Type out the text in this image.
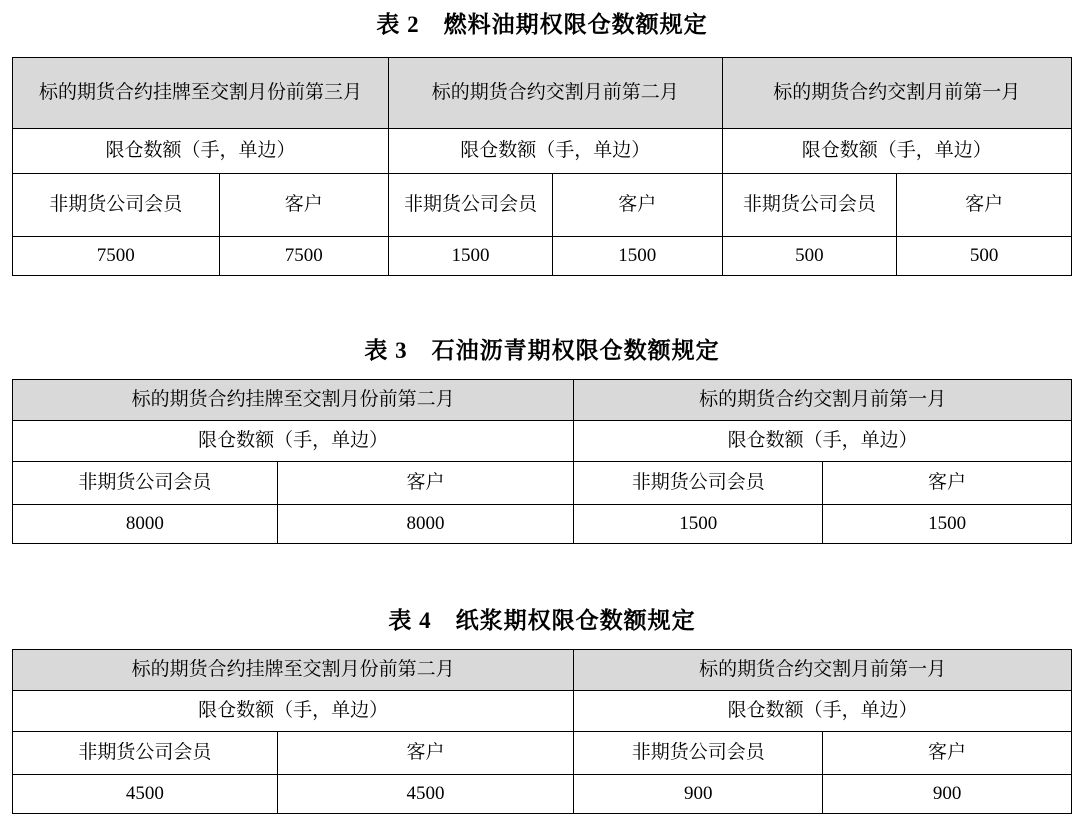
表 2 燃料油期权限仓数额规定
标的期货合约挂牌至交割月份前第三月		标的期货合约交割月前第二月		标的期货合约交割月前第一月	
限仓数额（手，单边）		限仓数额（手，单边）		限仓数额（手，单边）	
非期货公司会员	客户	非期货公司会员	客户	非期货公司会员	客户
7500	7500	1500	1500	500	500
表 3 石油沥青期权限仓数额规定
标的期货合约挂牌至交割月份前第二月		标的期货合约交割月前第一月	
限仓数额（手，单边）		限仓数额（手，单边）	
非期货公司会员	客户	非期货公司会员	客户
8000	8000	1500	1500
表 4 纸浆期权限仓数额规定
标的期货合约挂牌至交割月份前第二月		标的期货合约交割月前第一月	
限仓数额（手，单边）		限仓数额（手，单边）	
非期货公司会员	客户	非期货公司会员	客户
4500	4500	900	900
